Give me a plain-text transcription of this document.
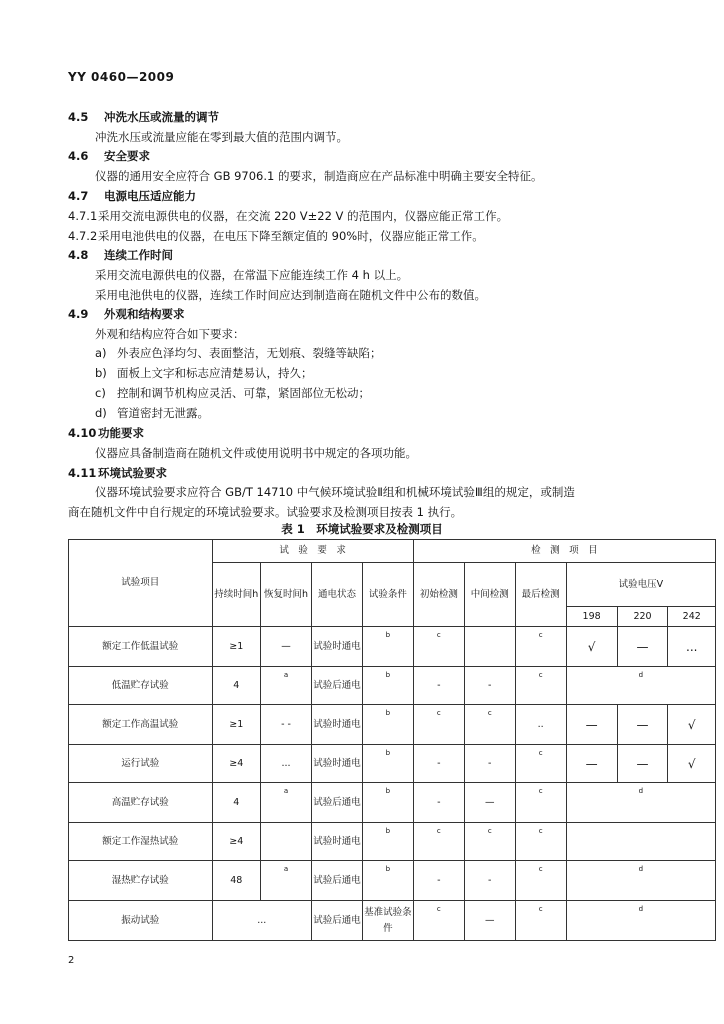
YY 0460—2009
4.5 冲洗水压或流量的调节
冲洗水压或流量应能在零到最大值的范围内调节。
4.6 安全要求
仪器的通用安全应符合 GB 9706.1 的要求，制造商应在产品标准中明确主要安全特征。
4.7 电源电压适应能力
4.7.1采用交流电源供电的仪器，在交流 220 V±22 V 的范围内，仪器应能正常工作。
4.7.2采用电池供电的仪器，在电压下降至额定值的 90%时，仪器应能正常工作。
4.8 连续工作时间
采用交流电源供电的仪器，在常温下应能连续工作 4 h 以上。
采用电池供电的仪器，连续工作时间应达到制造商在随机文件中公布的数值。
4.9 外观和结构要求
外观和结构应符合如下要求：
a) 外表应色泽均匀、表面整洁，无划痕、裂缝等缺陷；
b) 面板上文字和标志应清楚易认，持久；
c) 控制和调节机构应灵活、可靠，紧固部位无松动；
d) 管道密封无泄露。
4.10 功能要求
仪器应具备制造商在随机文件或使用说明书中规定的各项功能。
4.11 环境试验要求
仪器环境试验要求应符合 GB/T 14710 中气候环境试验Ⅱ组和机械环境试验Ⅲ组的规定，或制造
商在随机文件中自行规定的环境试验要求。试验要求及检测项目按表 1 执行。
表 1　环境试验要求及检测项目
试验项目	试　验　要　求				检　测　项　目					
	持续时间h	恢复时间h	通电状态	试验条件	初始检测	中间检测	最后检测	试验电压V		
								198	220	242
额定工作低温试验	≥1	—	试验时通电	b	c		c	√	—	...
低温贮存试验	4	a	试验后通电	b	-	-	c	d		
额定工作高温试验	≥1	- -	试验时通电	b	c	c	..	—	—	√
运行试验	≥4	...	试验时通电	b	-	-	c	—	—	√
高温贮存试验	4	a	试验后通电	b	-	—	c	d		
额定工作湿热试验	≥4		试验时通电	b	c	c	c			
湿热贮存试验	48	a	试验后通电	b	-	-	c	d		
振动试验	...		试验后通电	基准试验条件	c	—	c	d		
2
